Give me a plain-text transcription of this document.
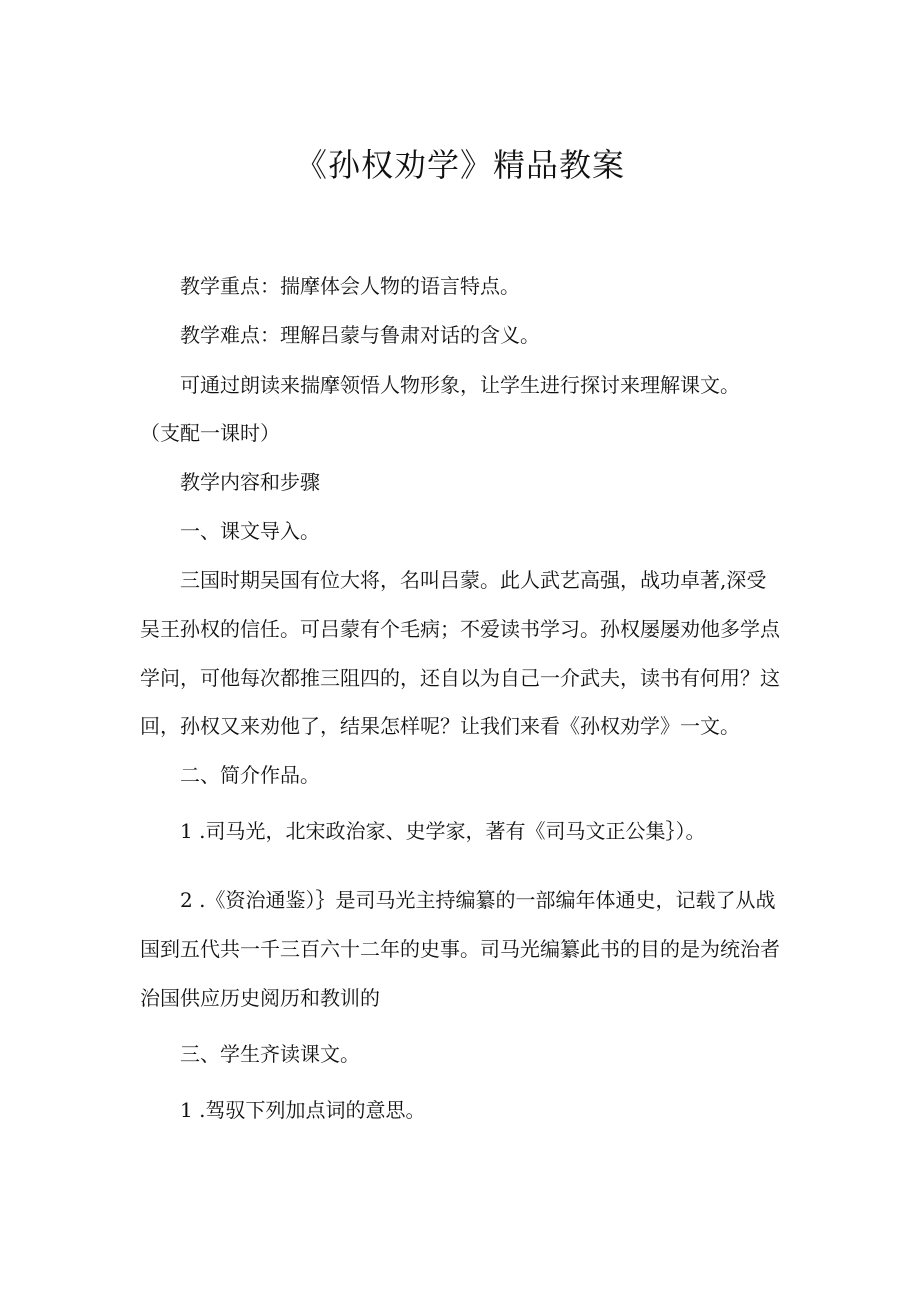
《孙权劝学》精品教案
教学重点：揣摩体会人物的语言特点。
教学难点：理解吕蒙与鲁肃对话的含义。
可通过朗读来揣摩领悟人物形象，让学生进行探讨来理解课文。
（支配一课时）
教学内容和步骤
一、课文导入。
三国时期吴国有位大将，名叫吕蒙。此人武艺高强，战功卓著,深受
吴王孙权的信任。可吕蒙有个毛病；不爱读书学习。孙权屡屡劝他多学点
学问，可他每次都推三阻四的，还自以为自己一介武夫，读书有何用？这
回，孙权又来劝他了，结果怎样呢？让我们来看《孙权劝学》一文。
二、简介作品。
1 .司马光，北宋政治家、史学家，著有《司马文正公集｝）。
2 .《资治通鉴）｝是司马光主持编纂的一部编年体通史，记载了从战
国到五代共一千三百六十二年的史事。司马光编纂此书的目的是为统治者
治国供应历史阅历和教训的
三、学生齐读课文。
1 .驾驭下列加点词的意思。
